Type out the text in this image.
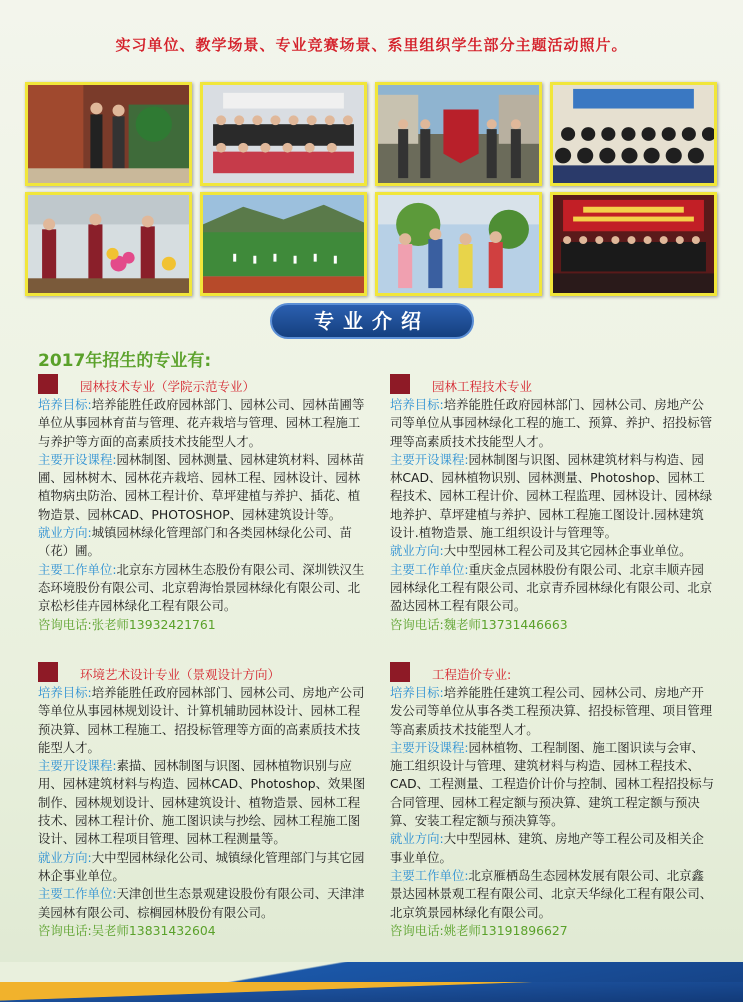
实习单位、教学场景、专业竞赛场景、系里组织学生部分主题活动照片。
专业介绍
2017年招生的专业有:
园林技术专业（学院示范专业）

培养目标:培养能胜任政府园林部门、园林公司、园林苗圃等单位从事园林育苗与管理、花卉栽培与管理、园林工程施工与养护等方面的高素质技术技能型人才。

主要开设课程:园林制图、园林测量、园林建筑材料、园林苗圃、园林树木、园林花卉栽培、园林工程、园林设计、园林植物病虫防治、园林工程计价、草坪建植与养护、插花、植物造景、园林CAD、PHOTOSHOP、园林建筑设计等。

就业方向:城镇园林绿化管理部门和各类园林绿化公司、苗（花）圃。

主要工作单位:北京东方园林生态股份有限公司、深圳铁汉生态环境股份有限公司、北京碧海怡景园林绿化有限公司、北京松杉佳卉园林绿化工程有限公司。

咨询电话:张老师13932421761

园林工程技术专业

培养目标:培养能胜任政府园林部门、园林公司、房地产公司等单位从事园林绿化工程的施工、预算、养护、招投标管理等高素质技术技能型人才。

主要开设课程:园林制图与识图、园林建筑材料与构造、园林CAD、园林植物识别、园林测量、Photoshop、园林工程技术、园林工程计价、园林工程监理、园林设计、园林绿地养护、草坪建植与养护、园林工程施工图设计.园林建筑设计.植物造景、施工组织设计与管理等。

就业方向:大中型园林工程公司及其它园林企事业单位。

主要工作单位:重庆金点园林股份有限公司、北京丰顺卉园园林绿化工程有限公司、北京青乔园林绿化有限公司、北京盈达园林工程有限公司。

咨询电话:魏老师13731446663

环境艺术设计专业（景观设计方向）

培养目标:培养能胜任政府园林部门、园林公司、房地产公司等单位从事园林规划设计、计算机辅助园林设计、园林工程预决算、园林工程施工、招投标管理等方面的高素质技术技能型人才。

主要开设课程:素描、园林制图与识图、园林植物识别与应用、园林建筑材料与构造、园林CAD、Photoshop、效果图制作、园林规划设计、园林建筑设计、植物造景、园林工程技术、园林工程计价、施工图识读与抄绘、园林工程施工图设计、园林工程项目管理、园林工程测量等。

就业方向:大中型园林绿化公司、城镇绿化管理部门与其它园林企事业单位。

主要工作单位:天津创世生态景观建设股份有限公司、天津津美园林有限公司、棕榈园林股份有限公司。

咨询电话:吴老师13831432604

工程造价专业:

培养目标:培养能胜任建筑工程公司、园林公司、房地产开发公司等单位从事各类工程预决算、招投标管理、项目管理等高素质技术技能型人才。

主要开设课程:园林植物、工程制图、施工图识读与会审、施工组织设计与管理、建筑材料与构造、园林工程技术、CAD、工程测量、工程造价计价与控制、园林工程招投标与合同管理、园林工程定额与预决算、建筑工程定额与预决算、安装工程定额与预决算等。

就业方向:大中型园林、建筑、房地产等工程公司及相关企事业单位。

主要工作单位:北京雁栖岛生态园林发展有限公司、北京鑫景达园林景观工程有限公司、北京天华绿化工程有限公司、北京筑景园林绿化有限公司。

咨询电话:姚老师13191896627
